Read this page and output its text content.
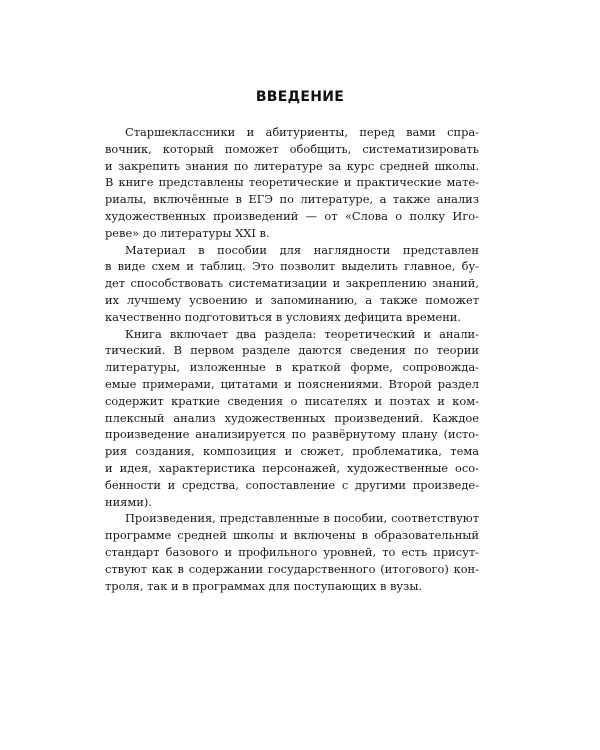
ВВЕДЕНИЕ
Старшеклассники и абитуриенты, перед вами спра-
вочник, который поможет обобщить, систематизировать
и закрепить знания по литературе за курс средней школы.
В книге представлены теоретические и практические мате-
риалы, включённые в ЕГЭ по литературе, а также анализ
художественных произведений — от «Слова о полку Иго-
реве» до литературы XXI в.
Материал в пособии для наглядности представлен
в виде схем и таблиц. Это позволит выделить главное, бу-
дет способствовать систематизации и закреплению знаний,
их лучшему усвоению и запоминанию, а также поможет
качественно подготовиться в условиях дефицита времени.
Книга включает два раздела: теоретический и анали-
тический. В первом разделе даются сведения по теории
литературы, изложенные в краткой форме, сопровожда-
емые примерами, цитатами и пояснениями. Второй раздел
содержит краткие сведения о писателях и поэтах и ком-
плексный анализ художественных произведений. Каждое
произведение анализируется по развёрнутому плану (исто-
рия создания, композиция и сюжет, проблематика, тема
и идея, характеристика персонажей, художественные осо-
бенности и средства, сопоставление с другими произведе-
ниями).
Произведения, представленные в пособии, соответствуют
программе средней школы и включены в образовательный
стандарт базового и профильного уровней, то есть присут-
ствуют как в содержании государственного (итогового) кон-
троля, так и в программах для поступающих в вузы.
